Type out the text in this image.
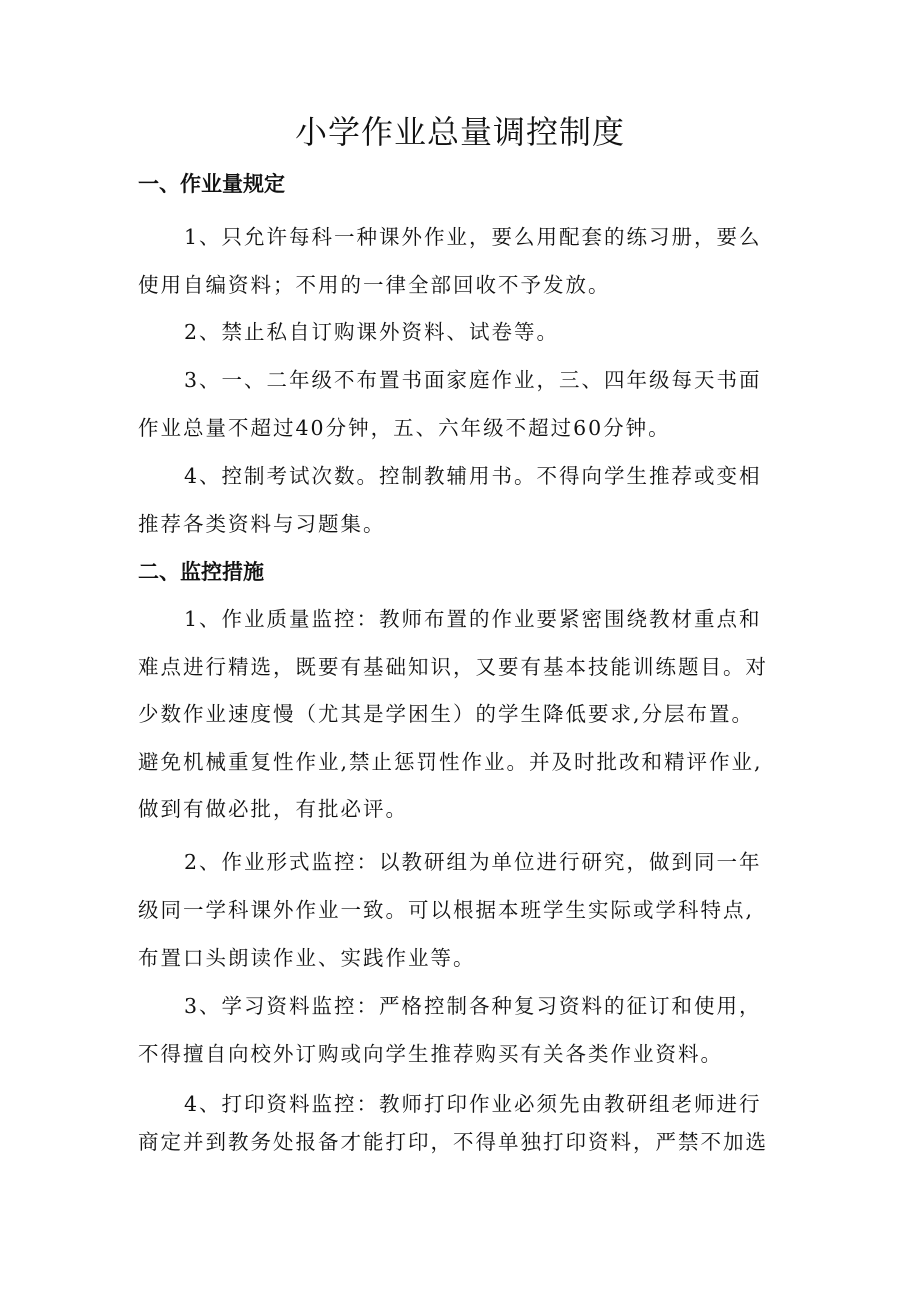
小学作业总量调控制度
一、作业量规定
1、只允许每科一种课外作业，要么用配套的练习册，要么
使用自编资料；不用的一律全部回收不予发放。
2、禁止私自订购课外资料、试卷等。
3、一、二年级不布置书面家庭作业，三、四年级每天书面
作业总量不超过40分钟，五、六年级不超过60分钟。
4、控制考试次数。控制教辅用书。不得向学生推荐或变相
推荐各类资料与习题集。
二、监控措施
1、作业质量监控：教师布置的作业要紧密围绕教材重点和
难点进行精选，既要有基础知识，又要有基本技能训练题目。对
少数作业速度慢（尤其是学困生）的学生降低要求,分层布置。
避免机械重复性作业,禁止惩罚性作业。并及时批改和精评作业,
做到有做必批，有批必评。
2、作业形式监控：以教研组为单位进行研究，做到同一年
级同一学科课外作业一致。可以根据本班学生实际或学科特点,
布置口头朗读作业、实践作业等。
3、学习资料监控：严格控制各种复习资料的征订和使用，
不得擅自向校外订购或向学生推荐购买有关各类作业资料。
4、打印资料监控：教师打印作业必须先由教研组老师进行
商定并到教务处报备才能打印，不得单独打印资料，严禁不加选
